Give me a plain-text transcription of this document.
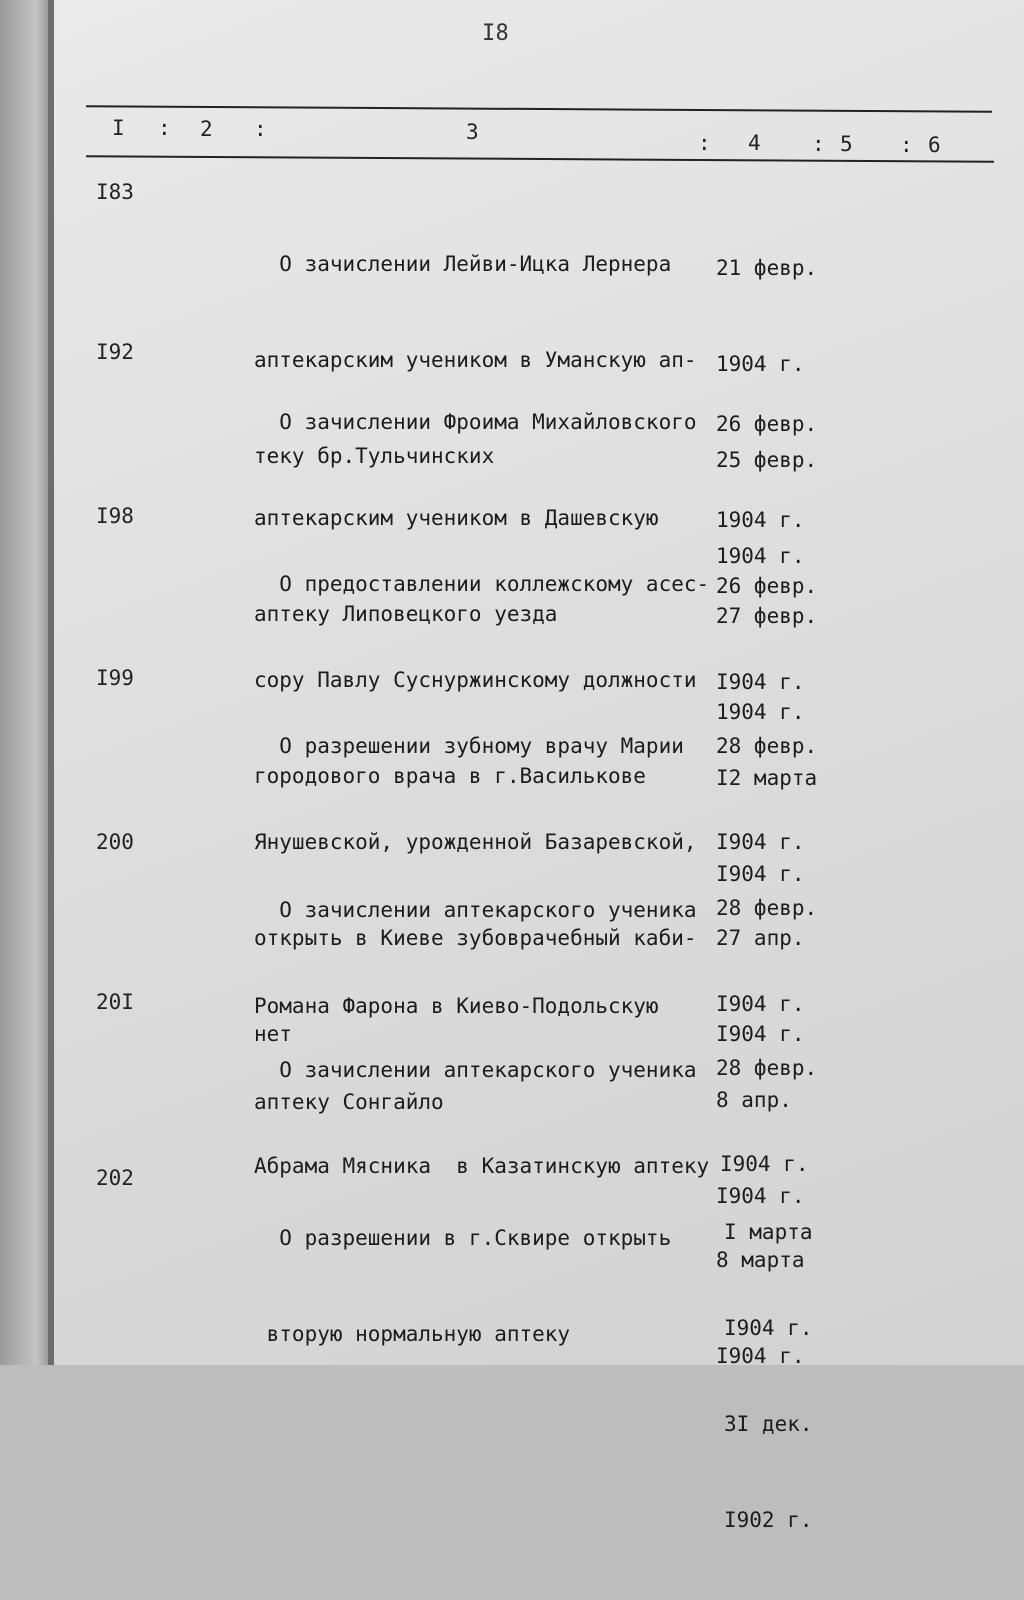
I8
I : 2 :	3	: 4 : 5 : 6
I83

О зачислении Лейви-Ицка Лернера

аптекарским учеником в Уманскую ап-

теку бр.Тульчинских

21 февр.

1904 г.

25 февр.

1904 г.

I92

О зачислении Фроима Михайловского

аптекарским учеником в Дашевскую

аптеку Липовецкого уезда

26 февр.

1904 г.

27 февр.

1904 г.

I98

О предоставлении коллежскому асес-

сору Павлу Суснуржинскому должности

городового врача в г.Василькове

26 февр.

I904 г.

I2 марта

I904 г.

I99

О разрешении зубному врачу Марии

Янушевской, урожденной Базаревской,

открыть в Киеве зубоврачебный каби-

нет

28 февр.

I904 г.

27 апр.

I904 г.

200

О зачислении аптекарского ученика

Романа Фарона в Киево-Подольскую

аптеку Сонгайло

28 февр.

I904 г.

8 апр.

I904 г.

20I

О зачислении аптекарского ученика

Абрама Мясника  в Казатинскую аптеку

28 февр.

I904 г.

8 марта

I904 г.

202

О разрешении в г.Сквире открыть

вторую нормальную аптеку

I марта

I904 г.

3I дек.

I902 г.
